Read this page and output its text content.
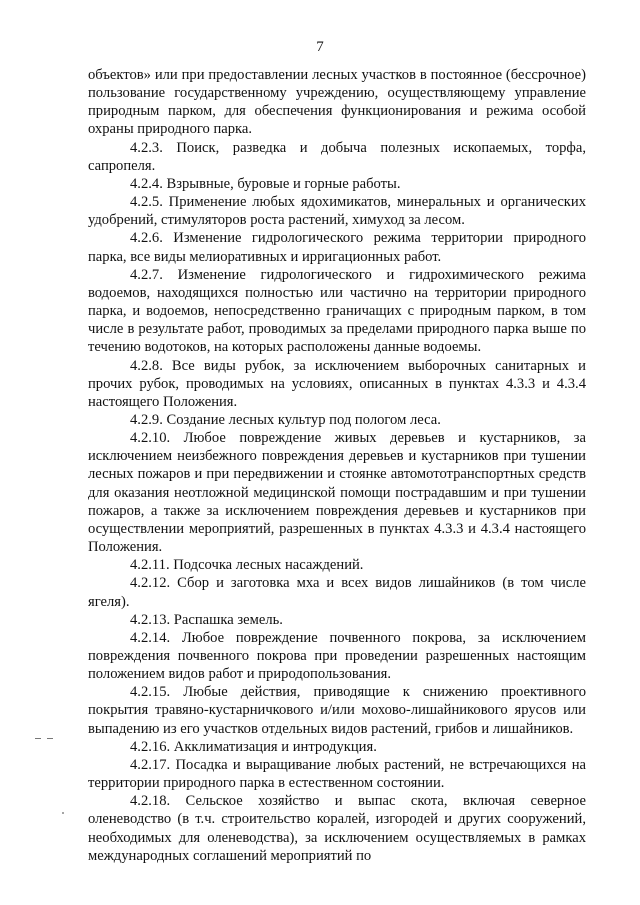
7

объектов» или при предоставлении лесных участков в постоянное (бессрочное) пользование государственному учреждению, осуществляющему управление природным парком, для обеспечения функционирования и режима особой охраны природного парка.

4.2.3. Поиск, разведка и добыча полезных ископаемых, торфа, сапропеля.

4.2.4. Взрывные, буровые и горные работы.

4.2.5. Применение любых ядохимикатов, минеральных и органических удобрений, стимуляторов роста растений, химуход за лесом.

4.2.6. Изменение гидрологического режима территории природного парка, все виды мелиоративных и ирригационных работ.

4.2.7. Изменение гидрологического и гидрохимического режима водоемов, находящихся полностью или частично на территории природного парка, и водоемов, непосредственно граничащих с природным парком, в том числе в результате работ, проводимых за пределами природного парка выше по течению водотоков, на которых расположены данные водоемы.

4.2.8. Все виды рубок, за исключением выборочных санитарных и прочих рубок, проводимых на условиях, описанных в пунктах 4.3.3 и 4.3.4 настоящего Положения.

4.2.9. Создание лесных культур под пологом леса.

4.2.10. Любое повреждение живых деревьев и кустарников, за исключением неизбежного повреждения деревьев и кустарников при тушении лесных пожаров и при передвижении и стоянке автомототранспортных средств для оказания неотложной медицинской помощи пострадавшим и при тушении пожаров, а также за исключением повреждения деревьев и кустарников при осуществлении мероприятий, разрешенных в пунктах 4.3.3 и 4.3.4 настоящего Положения.

4.2.11. Подсочка лесных насаждений.

4.2.12. Сбор и заготовка мха и всех видов лишайников (в том числе ягеля).

4.2.13. Распашка земель.

4.2.14. Любое повреждение почвенного покрова, за исключением повреждения почвенного покрова при проведении разрешенных настоящим положением видов работ и природопользования.

4.2.15. Любые действия, приводящие к снижению проективного покрытия травяно-кустарничкового и/или мохово-лишайникового ярусов или выпадению из его участков отдельных видов растений, грибов и лишайников.

4.2.16. Акклиматизация и интродукция.

4.2.17. Посадка и выращивание любых растений, не встречающихся на территории природного парка в естественном состоянии.

4.2.18. Сельское хозяйство и выпас скота, включая северное оленеводство (в т.ч. строительство коралей, изгородей и других сооружений, необходимых для оленеводства), за исключением осуществляемых в рамках международных соглашений мероприятий по
